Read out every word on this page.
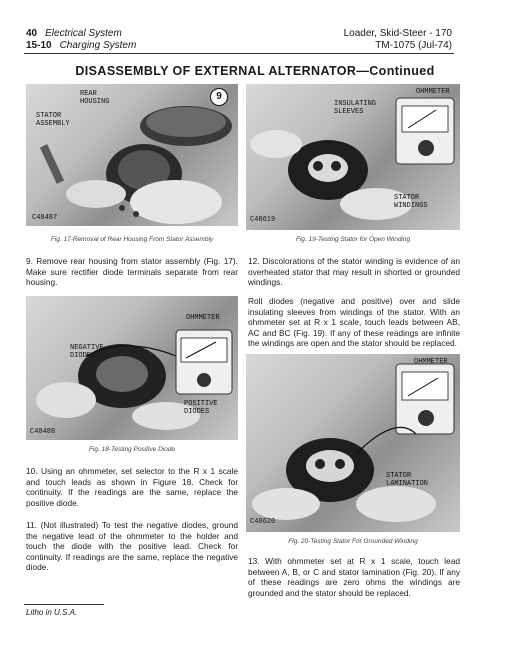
40 Electrical System
15-10 Charging System
Loader, Skid-Steer - 170
TM-1075 (Jul-74)
DISASSEMBLY OF EXTERNAL ALTERNATOR—Continued
REAR
HOUSING
STATOR
ASSEMBLY
9
C48487
Fig. 17-Removal of Rear Housing From Stator Assembly
OHMMETER
INSULATING
SLEEVES
STATOR
WINDINGS
C48619
Fig. 19-Testing Stator for Open Winding
9. Remove rear housing from stator assembly (Fig. 17). Make sure rectifier diode terminals separate from rear housing.
12. Discolorations of the stator winding is evidence of an overheated stator that may result in shorted or grounded windings.
Roll diodes (negative and positive) over and slide insulating sleeves from windings of the stator. With an ohmmeter set at R x 1 scale, touch leads between AB, AC and BC (Fig. 19). If any of these readings are infinite the windings are open and the stator should be replaced.
OHMMETER
NEGATIVE
DIODES
POSITIVE
DIODES
C48488
Fig. 18-Testing Positive Diode
10. Using an ohmmeter, set selector to the R x 1 scale and touch leads as shown in Figure 18. Check for continuity. If the readings are the same, replace the positive diode.
11. (Not illustrated) To test the negative diodes, ground the negative lead of the ohmmeter to the holder and touch the diode with the positive lead. Check for continuity. If readings are the same, replace the negative diode.
OHMMETER
STATOR
LAMINATION
C48620
Fig. 20-Testing Stator For Grounded Winding
13. With ohmmeter set at R x 1 scale, touch lead between A, B, or C and stator lamination (Fig. 20). If any of these readings are zero ohms the windings are grounded and the stator should be replaced.
Litho in U.S.A.
